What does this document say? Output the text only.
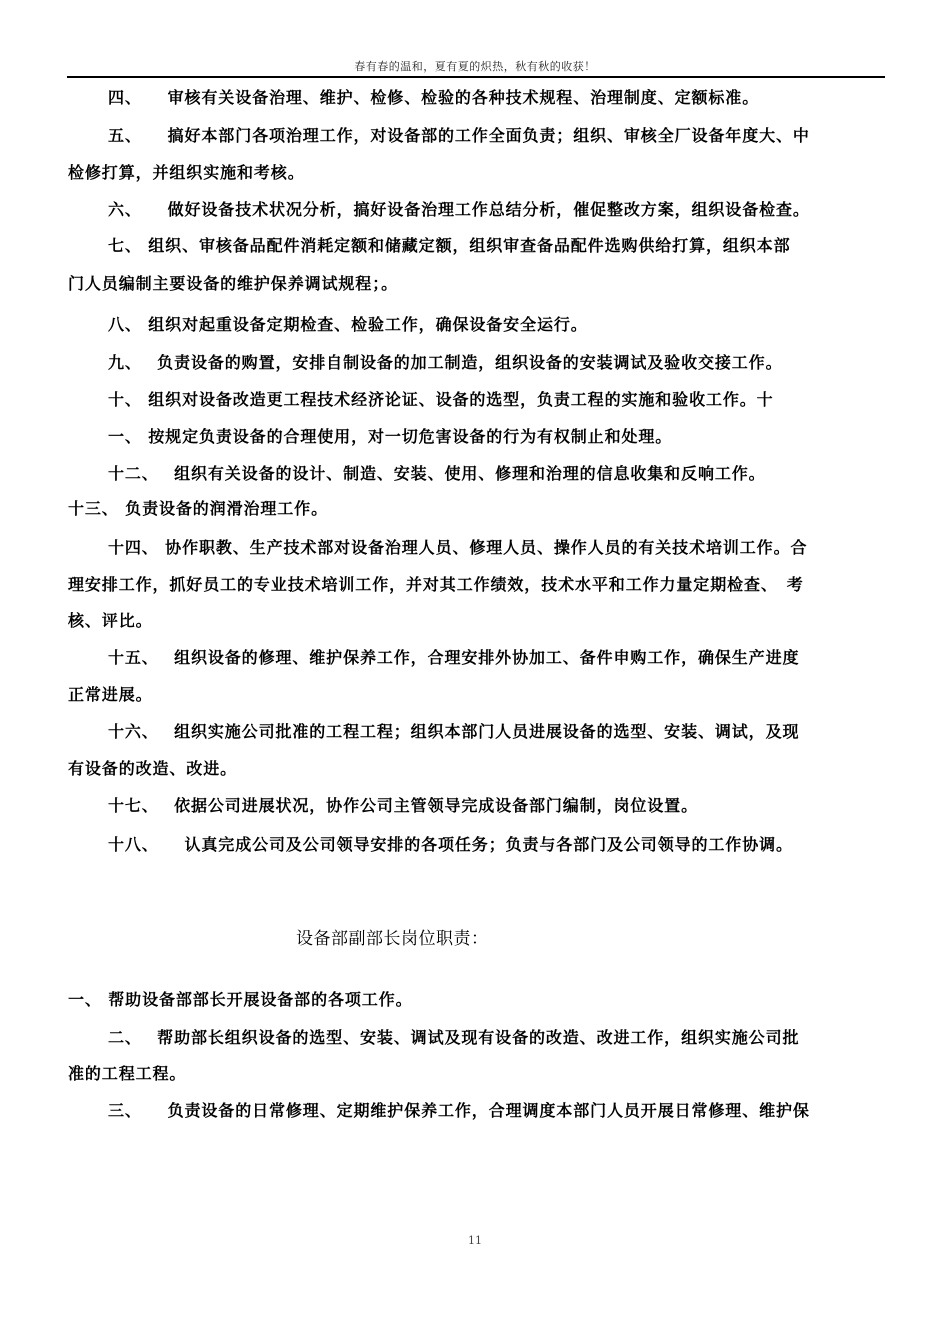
春有春的温和，夏有夏的炽热，秋有秋的收获！
四、　　审核有关设备治理、维护、检修、检验的各种技术规程、治理制度、定额标准。
五、　　搞好本部门各项治理工作，对设备部的工作全面负责；组织、审核全厂设备年度大、中
检修打算，并组织实施和考核。
六、　　做好设备技术状况分析，搞好设备治理工作总结分析，催促整改方案，组织设备检查。
七、 组织、审核备品配件消耗定额和储藏定额，组织审查备品配件选购供给打算，组织本部
门人员编制主要设备的维护保养调试规程；。
八、 组织对起重设备定期检查、检验工作，确保设备安全运行。
九、　 负责设备的购置，安排自制设备的加工制造，组织设备的安装调试及验收交接工作。
十、 组织对设备改造更工程技术经济论证、设备的选型，负责工程的实施和验收工作。十
一、 按规定负责设备的合理使用，对一切危害设备的行为有权制止和处理。
十二、　 组织有关设备的设计、制造、安装、使用、修理和治理的信息收集和反响工作。
十三、 负责设备的润滑治理工作。
十四、 协作职教、生产技术部对设备治理人员、修理人员、操作人员的有关技术培训工作。合
理安排工作，抓好员工的专业技术培训工作，并对其工作绩效，技术水平和工作力量定期检查、　考
核、评比。
十五、　 组织设备的修理、维护保养工作，合理安排外协加工、备件申购工作，确保生产进度
正常进展。
十六、　 组织实施公司批准的工程工程；组织本部门人员进展设备的选型、安装、调试，及现
有设备的改造、改进。
十七、　 依据公司进展状况，协作公司主管领导完成设备部门编制，岗位设置。
十八、　　认真完成公司及公司领导安排的各项任务；负责与各部门及公司领导的工作协调。
设备部副部长岗位职责：
一、 帮助设备部部长开展设备部的各项工作。
二、　 帮助部长组织设备的选型、安装、调试及现有设备的改造、改进工作，组织实施公司批
准的工程工程。
三、　　负责设备的日常修理、定期维护保养工作，合理调度本部门人员开展日常修理、维护保
11
